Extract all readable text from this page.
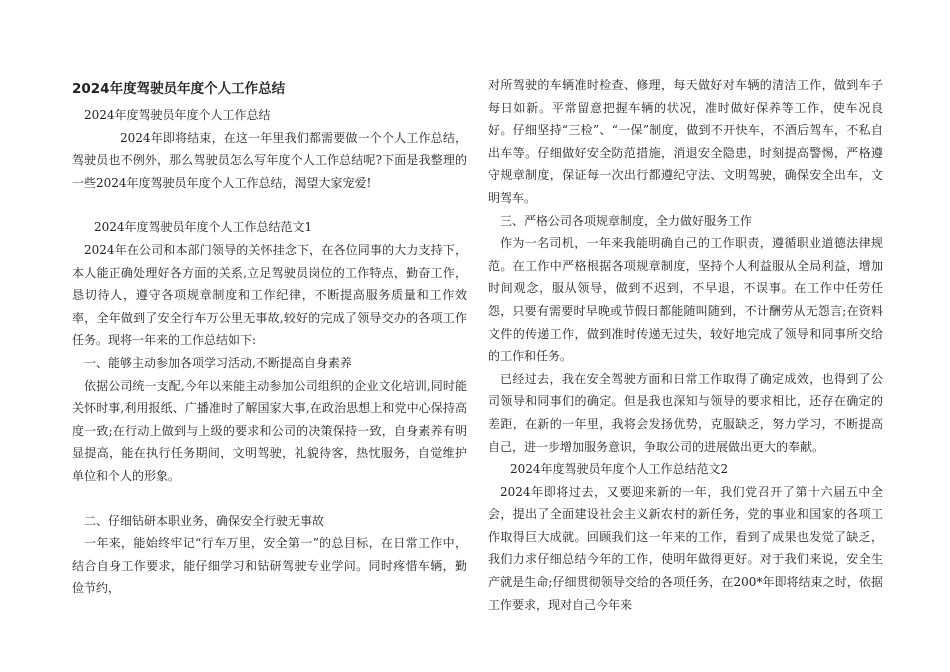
2024年度驾驶员年度个人工作总结

2024年度驾驶员年度个人工作总结

2024年即将结束，在这一年里我们都需要做一个个人工作总结，驾驶员也不例外，那么驾驶员怎么写年度个人工作总结呢?下面是我整理的一些2024年度驾驶员年度个人工作总结，渴望大家宠爱!

2024年度驾驶员年度个人工作总结范文1

2024年在公司和本部门领导的关怀挂念下，在各位同事的大力支持下，本人能正确处理好各方面的关系,立足驾驶员岗位的工作特点，勤奋工作，恳切待人，遵守各项规章制度和工作纪律，不断提高服务质量和工作效率，全年做到了安全行车万公里无事故,较好的完成了领导交办的各项工作任务。现将一年来的工作总结如下:

一、能够主动参加各项学习活动,不断提高自身素养

依据公司统一支配,今年以来能主动参加公司组织的企业文化培训,同时能关怀时事,利用报纸、广播准时了解国家大事,在政治思想上和党中心保持高度一致;在行动上做到与上级的要求和公司的决策保持一致，自身素养有明显提高，能在执行任务期间，文明驾驶，礼貌待客，热忱服务，自觉维护单位和个人的形象。

二、仔细钻研本职业务，确保安全行驶无事故

一年来，能始终牢记“行车万里，安全第一”的总目标，在日常工作中，结合自身工作要求，能仔细学习和钻研驾驶专业学问。同时疼惜车辆，勤俭节约，

对所驾驶的车辆准时检查、修理，每天做好对车辆的清洁工作，做到车子每日如新。平常留意把握车辆的状况，准时做好保养等工作，使车况良好。仔细坚持“三检”、“一保”制度，做到不开快车，不酒后驾车，不私自出车等。仔细做好安全防范措施，消退安全隐患，时刻提高警惕，严格遵守规章制度，保证每一次出行都遵纪守法、文明驾驶，确保安全出车，文明驾车。

三、严格公司各项规章制度，全力做好服务工作

作为一名司机，一年来我能明确自己的工作职责，遵循职业道德法律规范。在工作中严格根据各项规章制度，坚持个人利益服从全局利益，增加时间观念，服从领导，做到不迟到，不早退，不误事。在工作中任劳任怨，只要有需要时早晚或节假日都能随叫随到，不计酬劳从无怨言;在资料文件的传递工作，做到准时传递无过失，较好地完成了领导和同事所交给的工作和任务。

已经过去，我在安全驾驶方面和日常工作取得了确定成效，也得到了公司领导和同事们的确定。但是我也深知与领导的要求相比，还存在确定的差距，在新的一年里，我将会发扬优势，克服缺乏，努力学习，不断提高自己，进一步增加服务意识，争取公司的进展做出更大的奉献。

2024年度驾驶员年度个人工作总结范文2

2024年即将过去，又要迎来新的一年，我们党召开了第十六届五中全会，提出了全面建设社会主义新农村的新任务，党的事业和国家的各项工作取得巨大成就。回顾我们这一年来的工作，看到了成果也发觉了缺乏，我们力求仔细总结今年的工作，使明年做得更好。对于我们来说，安全生产就是生命;仔细贯彻领导交给的各项任务，在200*年即将结束之时，依据工作要求，现对自己今年来
